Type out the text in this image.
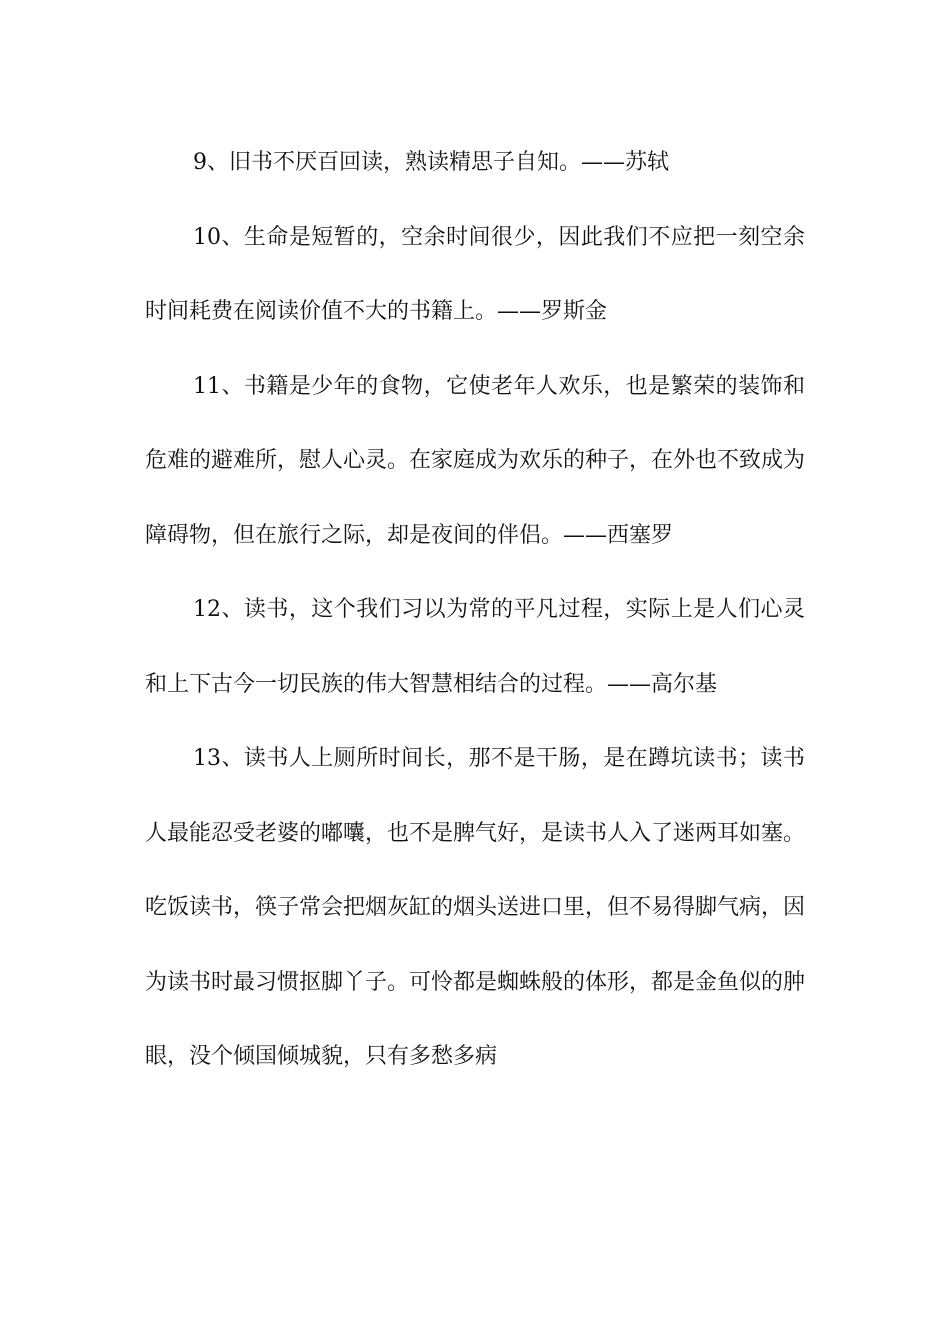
9、旧书不厌百回读，熟读精思子自知。——苏轼

10、生命是短暂的，空余时间很少，因此我们不应把一刻空余时间耗费在阅读价值不大的书籍上。——罗斯金

11、书籍是少年的食物，它使老年人欢乐，也是繁荣的装饰和危难的避难所，慰人心灵。在家庭成为欢乐的种子，在外也不致成为障碍物，但在旅行之际，却是夜间的伴侣。——西塞罗

12、读书，这个我们习以为常的平凡过程，实际上是人们心灵和上下古今一切民族的伟大智慧相结合的过程。——高尔基

13、读书人上厕所时间长，那不是干肠，是在蹲坑读书；读书人最能忍受老婆的嘟囔，也不是脾气好，是读书人入了迷两耳如塞。吃饭读书，筷子常会把烟灰缸的烟头送进口里，但不易得脚气病，因为读书时最习惯抠脚丫子。可怜都是蜘蛛般的体形，都是金鱼似的肿眼，没个倾国倾城貌，只有多愁多病
